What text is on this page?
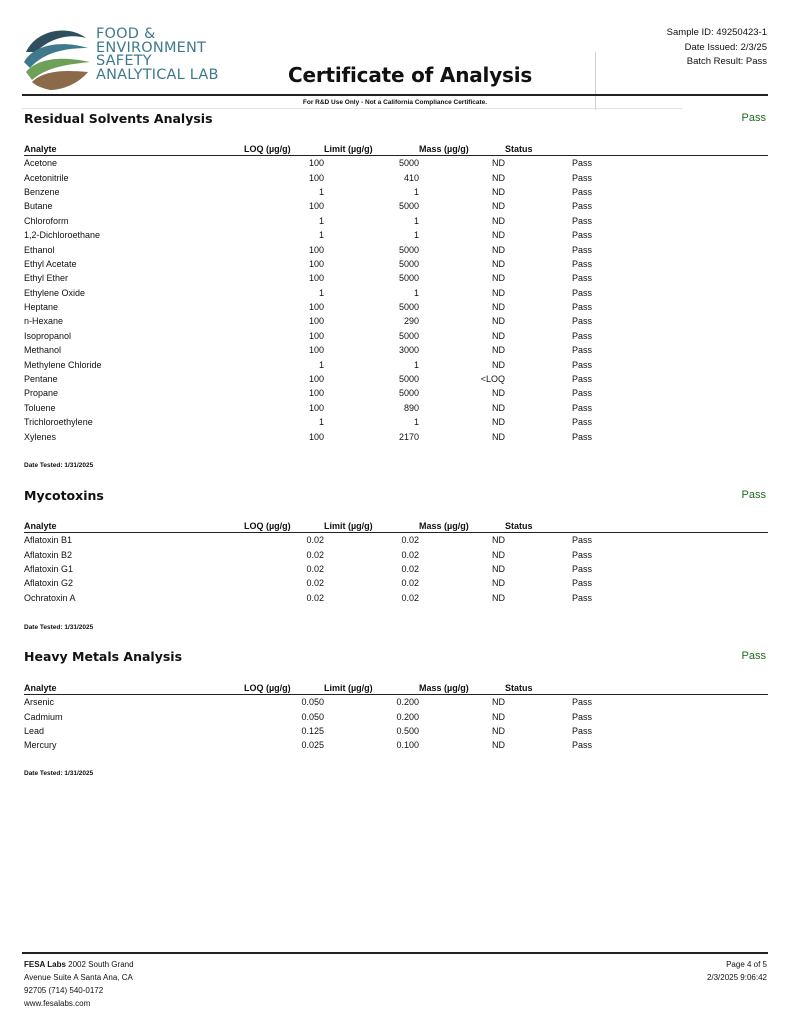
FOOD &
ENVIRONMENT
SAFETY
ANALYTICAL LAB	Certificate of Analysis
Sample ID: 49250423-1
Date Issued: 2/3/25
Batch Result: Pass
For R&D Use Only - Not a California Compliance Certificate.
Residual Solvents Analysis	Pass
Analyte	LOQ (µg/g)	Limit (µg/g)	Mass (µg/g)	Status	
Acetone	100	5000	ND	Pass	
Acetonitrile	100	410	ND	Pass	
Benzene	1	1	ND	Pass	
Butane	100	5000	ND	Pass	
Chloroform	1	1	ND	Pass	
1,2-Dichloroethane	1	1	ND	Pass	
Ethanol	100	5000	ND	Pass	
Ethyl Acetate	100	5000	ND	Pass	
Ethyl Ether	100	5000	ND	Pass	
Ethylene Oxide	1	1	ND	Pass	
Heptane	100	5000	ND	Pass	
n-Hexane	100	290	ND	Pass	
Isopropanol	100	5000	ND	Pass	
Methanol	100	3000	ND	Pass	
Methylene Chloride	1	1	ND	Pass	
Pentane	100	5000	<LOQ	Pass	
Propane	100	5000	ND	Pass	
Toluene	100	890	ND	Pass	
Trichloroethylene	1	1	ND	Pass	
Xylenes	100	2170	ND	Pass	
Date Tested: 1/31/2025
Mycotoxins	Pass
Analyte	LOQ (µg/g)	Limit (µg/g)	Mass (µg/g)	Status	
Aflatoxin B1	0.02	0.02	ND	Pass	
Aflatoxin B2	0.02	0.02	ND	Pass	
Aflatoxin G1	0.02	0.02	ND	Pass	
Aflatoxin G2	0.02	0.02	ND	Pass	
Ochratoxin A	0.02	0.02	ND	Pass	
Date Tested: 1/31/2025
Heavy Metals Analysis	Pass
Analyte	LOQ (µg/g)	Limit (µg/g)	Mass (µg/g)	Status	
Arsenic	0.050	0.200	ND	Pass	
Cadmium	0.050	0.200	ND	Pass	
Lead	0.125	0.500	ND	Pass	
Mercury	0.025	0.100	ND	Pass	
Date Tested: 1/31/2025
FESA Labs 2002 South Grand
Avenue Suite A Santa Ana, CA
92705 (714) 540-0172
www.fesalabs.com
Page 4 of 5
2/3/2025 9:06:42
